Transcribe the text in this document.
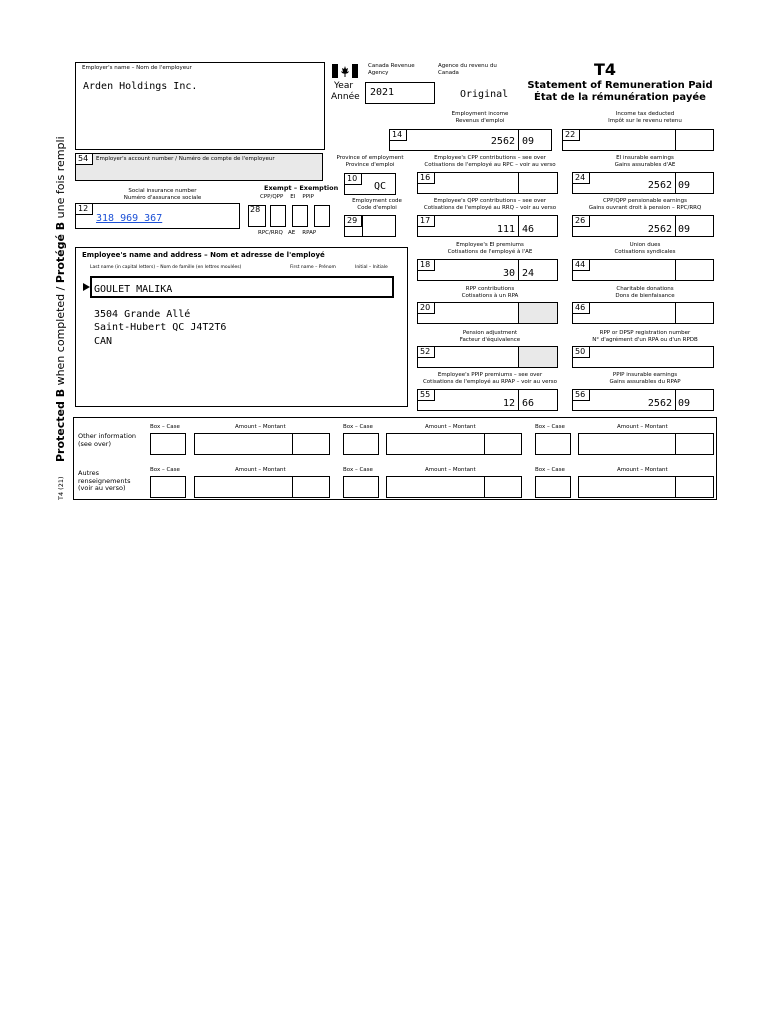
Protected B when completed / Protégé B une fois rempli
T4 (21)
Employer's name – Nom de l'employeur
Arden Holdings Inc.
Canada Revenue Agency
Agence du revenu du Canada	T4
Statement of Remuneration Paid
État de la rémunération payée
Year
Année	2021	Original
Employment income
Revenus d'emploi
14
2562 09
Income tax deducted
Impôt sur le revenu retenu
22
54	Employer's account number / Numéro de compte de l'employeur	Province of employment
Province d'emploi
10
QC
Employee's CPP contributions – see over
Cotisations de l'employé au RPC – voir au verso
16
EI insurable earnings
Gains assurables d'AE
24
2562 09
Social insurance number
Numéro d'assurance sociale
12
318 969 367
Exempt – Exemption
CPP/QPP    EI    PPIP
28
RPC/RRQ   AE    RPAP
Employment code
Code d'emploi
29
Employee's QPP contributions – see over
Cotisations de l'employé au RRQ – voir au verso
17
111 46
CPP/QPP pensionable earnings
Gains ouvrant droit à pension – RPC/RRQ
26
2562 09
Employee's name and address – Nom et adresse de l'employé
Last name (in capital letters) – Nom de famille (en lettres moulées)	First name – Prénom	Initial – Initiale
GOULET MALIKA
3504 Grande Allé
Saint-Hubert QC J4T2T6
CAN
Employee's EI premiums
Cotisations de l'employé à l'AE
18
30 24
Union dues
Cotisations syndicales
44
RPP contributions
Cotisations à un RPA
20
Charitable donations
Dons de bienfaisance
46
Pension adjustment
Facteur d'équivalence
52
RPP or DPSP registration number
N° d'agrément d'un RPA ou d'un RPDB
50
Employee's PPIP premiums – see over
Cotisations de l'employé au RPAP – voir au verso
55
12 66
PPIP insurable earnings
Gains assurables du RPAP
56
2562 09
Other information (see over)
Autres renseignements (voir au verso)
Box – Case	Amount – Montant	Box – Case	Amount – Montant	Box – Case	Amount – Montant
Box – Case	Amount – Montant	Box – Case	Amount – Montant	Box – Case	Amount – Montant
